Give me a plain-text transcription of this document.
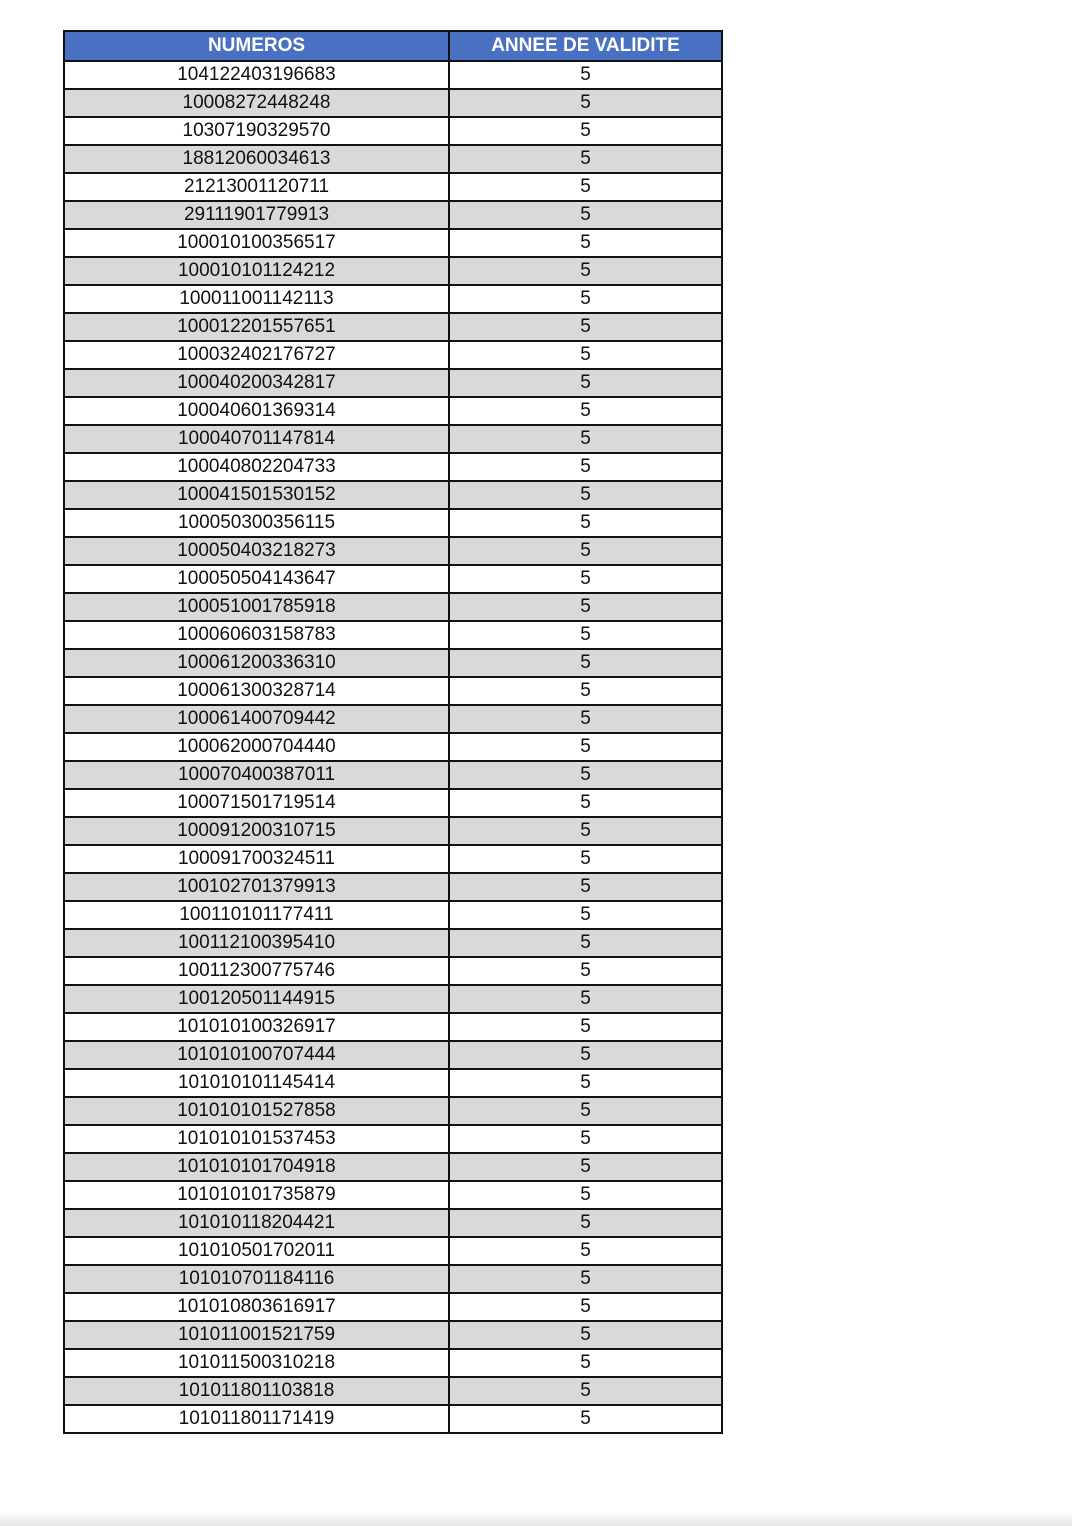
NUMEROS	ANNEE DE VALIDITE
104122403196683	5
10008272448248	5
10307190329570	5
18812060034613	5
21213001120711	5
29111901779913	5
100010100356517	5
100010101124212	5
100011001142113	5
100012201557651	5
100032402176727	5
100040200342817	5
100040601369314	5
100040701147814	5
100040802204733	5
100041501530152	5
100050300356115	5
100050403218273	5
100050504143647	5
100051001785918	5
100060603158783	5
100061200336310	5
100061300328714	5
100061400709442	5
100062000704440	5
100070400387011	5
100071501719514	5
100091200310715	5
100091700324511	5
100102701379913	5
100110101177411	5
100112100395410	5
100112300775746	5
100120501144915	5
101010100326917	5
101010100707444	5
101010101145414	5
101010101527858	5
101010101537453	5
101010101704918	5
101010101735879	5
101010118204421	5
101010501702011	5
101010701184116	5
101010803616917	5
101011001521759	5
101011500310218	5
101011801103818	5
101011801171419	5
